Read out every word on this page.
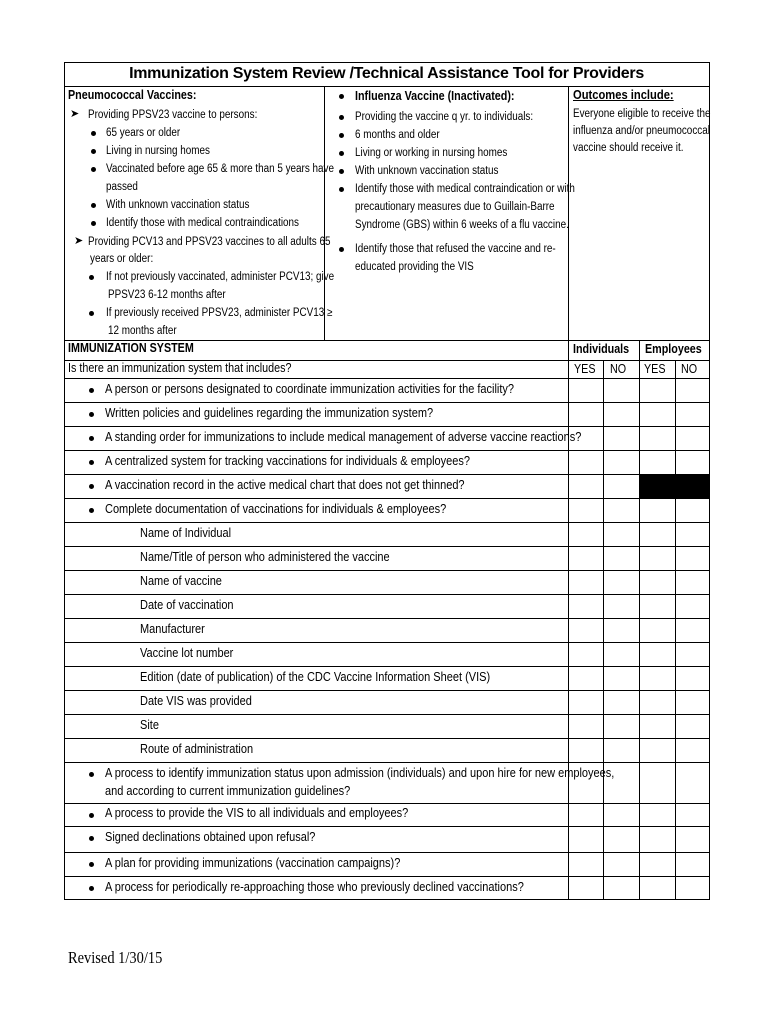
Immunization System Review /Technical Assistance Tool for Providers
Pneumococcal Vaccines:
➤ Providing PPSV23 vaccine to persons:
65 years or older
Living in nursing homes
Vaccinated before age 65 & more than 5 years have
passed
With unknown vaccination status
Identify those with medical contraindications
➤ Providing PCV13 and PPSV23 vaccines to all adults 65
years or older:
If not previously vaccinated, administer PCV13; give
PPSV23 6-12 months after
If previously received PPSV23, administer PCV13 ≥
12 months after
Influenza Vaccine (Inactivated):
Providing the vaccine q yr. to individuals:
6 months and older
Living or working in nursing homes
With unknown vaccination status
Identify those with medical contraindication or with
precautionary measures due to Guillain-Barre
Syndrome (GBS) within 6 weeks of a flu vaccine.
Identify those that refused the vaccine and re-
educated providing the VIS
Outcomes include:
Everyone eligible to receive the
influenza and/or pneumococcal
vaccine should receive it.
IMMUNIZATION SYSTEM	Individuals Employees
Is there an immunization system that includes?	YES NO YES NO
A person or persons designated to coordinate immunization activities for the facility?
Written policies and guidelines regarding the immunization system?
A standing order for immunizations to include medical management of adverse vaccine reactions?
A centralized system for tracking vaccinations for individuals & employees?
A vaccination record in the active medical chart that does not get thinned?
Complete documentation of vaccinations for individuals & employees?
Name of Individual
Name/Title of person who administered the vaccine
Name of vaccine
Date of vaccination
Manufacturer
Vaccine lot number
Edition (date of publication) of the CDC Vaccine Information Sheet (VIS)
Date VIS was provided
Site
Route of administration
A process to identify immunization status upon admission (individuals) and upon hire for new employees,
and according to current immunization guidelines?
A process to provide the VIS to all individuals and employees?
Signed declinations obtained upon refusal?
A plan for providing immunizations (vaccination campaigns)?
A process for periodically re-approaching those who previously declined vaccinations?
Revised 1/30/15
